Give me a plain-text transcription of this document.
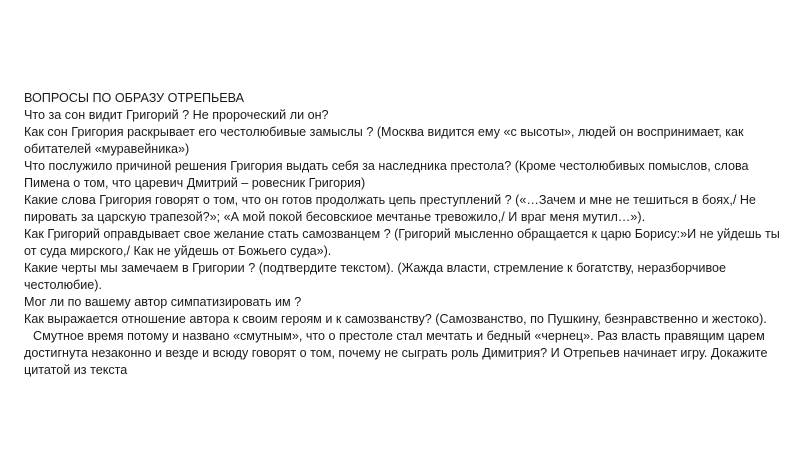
ВОПРОСЫ ПО ОБРАЗУ ОТРЕПЬЕВА

Что за сон видит Григорий ? Не пророческий ли он?

Как сон Григория раскрывает его честолюбивые замыслы ? (Москва видится ему «с высоты», людей он воспринимает, как обитателей «муравейника»)

Что послужило причиной решения Григория выдать себя за наследника престола? (Кроме честолюбивых помыслов, слова Пимена о том, что царевич Дмитрий – ровесник Григория)

Какие слова Григория говорят о том, что он готов продолжать цепь преступлений ? («…Зачем и мне не тешиться в боях,/ Не пировать за царскую трапезой?»; «А мой покой бесовскиое мечтанье тревожило,/ И враг меня мутил…»).

Как Григорий оправдывает свое желание стать самозванцем ? (Григорий мысленно обращается к царю Борису:»И не уйдешь ты от суда мирского,/ Как не уйдешь от Божьего суда»).

Какие черты мы замечаем в Григории ? (подтвердите текстом). (Жажда власти, стремление к богатству, неразборчивое честолюбие).

Мог ли по вашему автор симпатизировать им ?

Как выражается отношение автора к своим героям и к самозванству? (Самозванство, по Пушкину, безнравственно и жестоко).

Смутное время потому и названо «смутным», что о престоле стал мечтать и бедный «чернец». Раз власть правящим царем достигнута незаконно и везде и всюду говорят о том, почему не сыграть роль Димитрия? И Отрепьев начинает игру. Докажите цитатой из текста
